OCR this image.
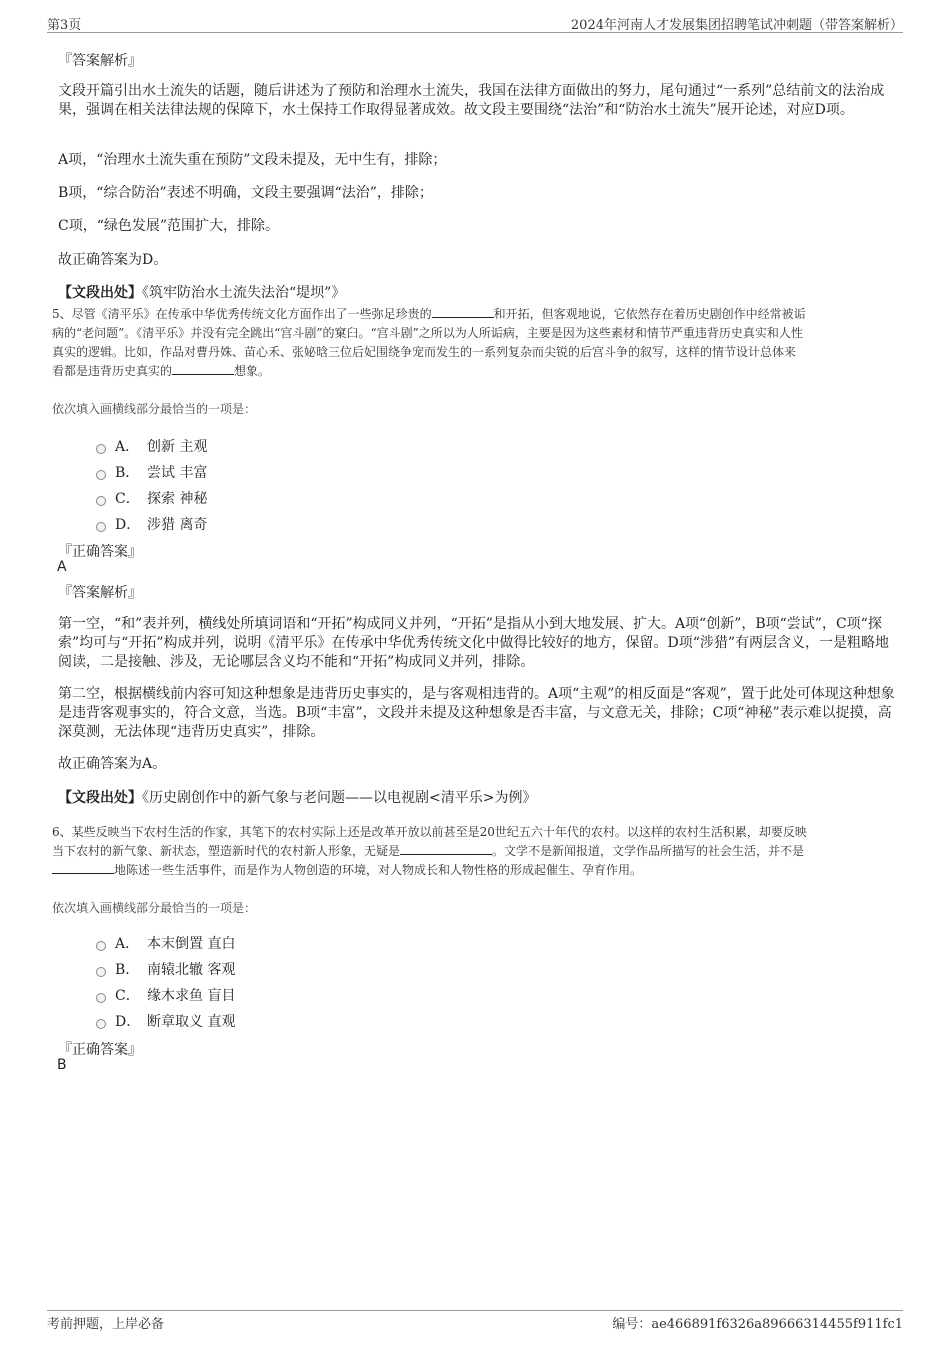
第3页	2024年河南人才发展集团招聘笔试冲刺题（带答案解析）
『答案解析』
文段开篇引出水土流失的话题，随后讲述为了预防和治理水土流失，我国在法律方面做出的努力，尾句通过“一系列”总结前文的法治成果，强调在相关法律法规的保障下，水土保持工作取得显著成效。故文段主要围绕“法治”和“防治水土流失”展开论述，对应D项。
A项，“治理水土流失重在预防”文段未提及，无中生有，排除；
B项，“综合防治”表述不明确，文段主要强调“法治”，排除；
C项，“绿色发展”范围扩大，排除。
故正确答案为D。
【文段出处】《筑牢防治水土流失法治“堤坝”》
5、尽管《清平乐》在传承中华优秀传统文化方面作出了一些弥足珍贵的	和开拓，但客观地说，它依然存在着历史剧创作中经常被诟
病的“老问题”。《清平乐》并没有完全跳出“宫斗剧”的窠臼。“宫斗剧”之所以为人所诟病，主要是因为这些素材和情节严重违背历史真实和人性
真实的逻辑。比如，作品对曹丹姝、苗心禾、张妼晗三位后妃围绕争宠而发生的一系列复杂而尖锐的后宫斗争的叙写，这样的情节设计总体来
看都是违背历史真实的	想象。
依次填入画横线部分最恰当的一项是：
A． 创新 主观
B． 尝试 丰富
C． 探索 神秘
D． 涉猎 离奇
『正确答案』
A
『答案解析』
第一空，“和”表并列，横线处所填词语和“开拓”构成同义并列，“开拓”是指从小到大地发展、扩大。A项“创新”，B项“尝试”，C项“探索”均可与“开拓”构成并列，说明《清平乐》在传承中华优秀传统文化中做得比较好的地方，保留。D项“涉猎”有两层含义，一是粗略地阅读，二是接触、涉及，无论哪层含义均不能和“开拓”构成同义并列，排除。
第二空，根据横线前内容可知这种想象是违背历史事实的，是与客观相违背的。A项“主观”的相反面是“客观”，置于此处可体现这种想象是违背客观事实的，符合文意，当选。B项“丰富”，文段并未提及这种想象是否丰富，与文意无关，排除；C项“神秘”表示难以捉摸，高深莫测，无法体现“违背历史真实”，排除。
故正确答案为A。
【文段出处】《历史剧创作中的新气象与老问题——以电视剧<清平乐>为例》
6、某些反映当下农村生活的作家，其笔下的农村实际上还是改革开放以前甚至是20世纪五六十年代的农村。以这样的农村生活积累，却要反映
当下农村的新气象、新状态，塑造新时代的农村新人形象，无疑是	。文学不是新闻报道，文学作品所描写的社会生活，并不是
地陈述一些生活事件，而是作为人物创造的环境，对人物成长和人物性格的形成起催生、孕育作用。
依次填入画横线部分最恰当的一项是：
A． 本末倒置 直白
B． 南辕北辙 客观
C． 缘木求鱼 盲目
D． 断章取义 直观
『正确答案』
B
考前押题，上岸必备	编号：ae466891f6326a89666314455f911fc1
